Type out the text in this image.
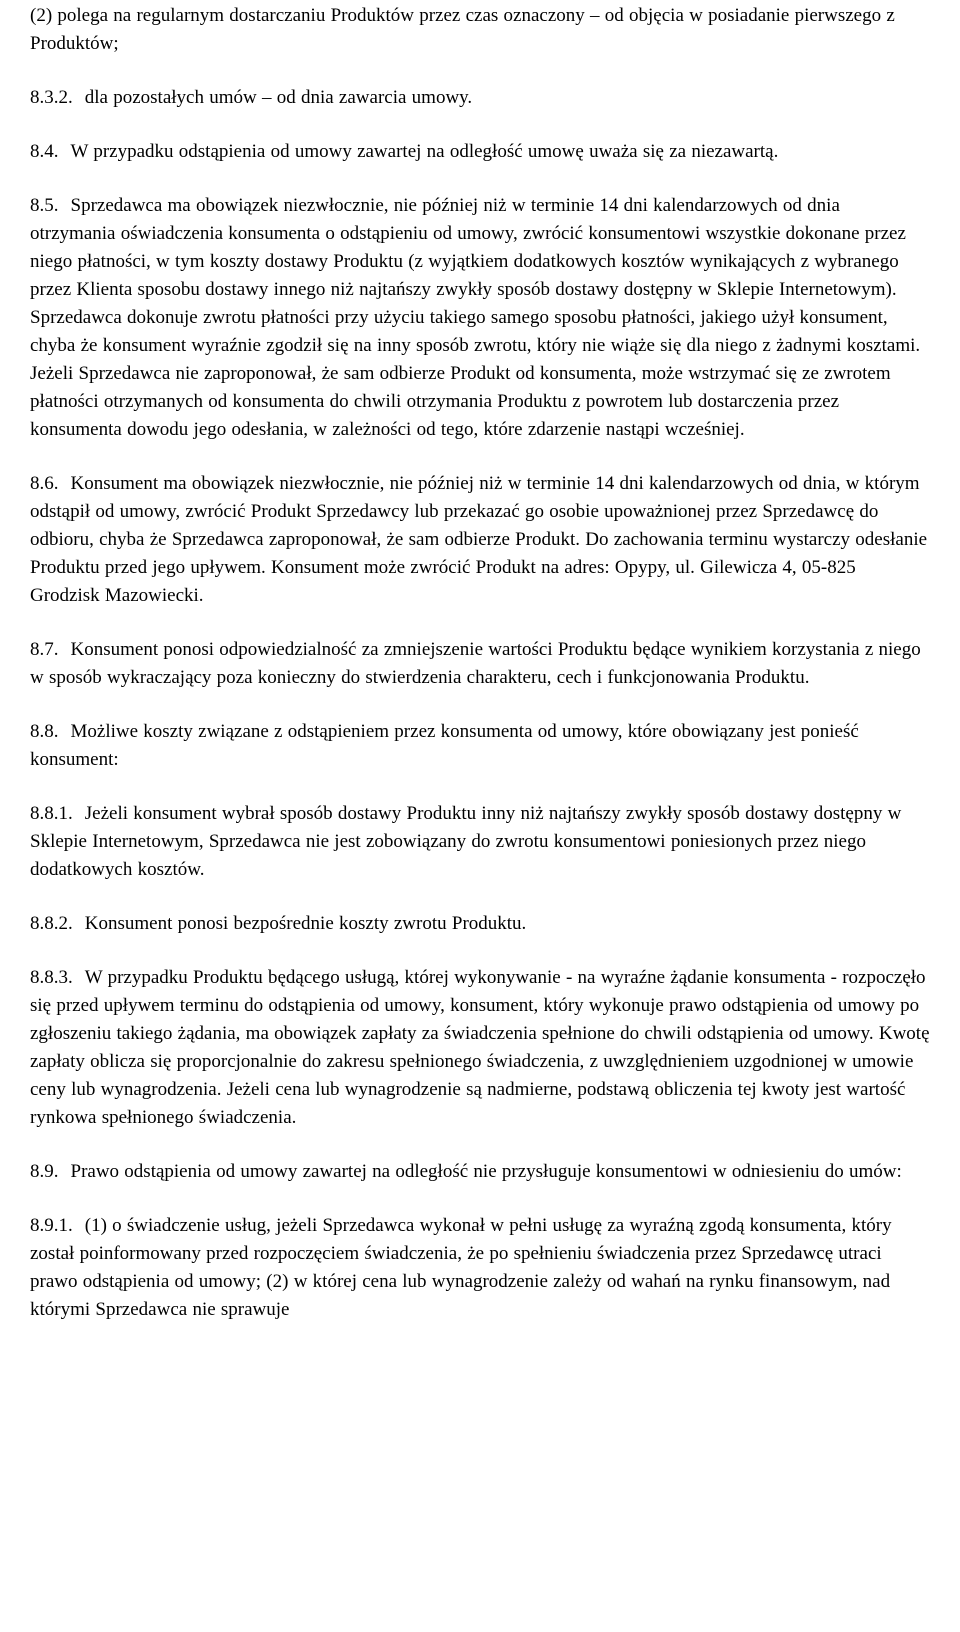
(2) polega na regularnym dostarczaniu Produktów przez czas oznaczony – od objęcia w posiadanie pierwszego z Produktów;

8.3.2. dla pozostałych umów – od dnia zawarcia umowy.

8.4. W przypadku odstąpienia od umowy zawartej na odległość umowę uważa się za niezawartą.

8.5. Sprzedawca ma obowiązek niezwłocznie, nie później niż w terminie 14 dni kalendarzowych od dnia otrzymania oświadczenia konsumenta o odstąpieniu od umowy, zwrócić konsumentowi wszystkie dokonane przez niego płatności, w tym koszty dostawy Produktu (z wyjątkiem dodatkowych kosztów wynikających z wybranego przez Klienta sposobu dostawy innego niż najtańszy zwykły sposób dostawy dostępny w Sklepie Internetowym). Sprzedawca dokonuje zwrotu płatności przy użyciu takiego samego sposobu płatności, jakiego użył konsument, chyba że konsument wyraźnie zgodził się na inny sposób zwrotu, który nie wiąże się dla niego z żadnymi kosztami. Jeżeli Sprzedawca nie zaproponował, że sam odbierze Produkt od konsumenta, może wstrzymać się ze zwrotem płatności otrzymanych od konsumenta do chwili otrzymania Produktu z powrotem lub dostarczenia przez konsumenta dowodu jego odesłania, w zależności od tego, które zdarzenie nastąpi wcześniej.

8.6. Konsument ma obowiązek niezwłocznie, nie później niż w terminie 14 dni kalendarzowych od dnia, w którym odstąpił od umowy, zwrócić Produkt Sprzedawcy lub przekazać go osobie upoważnionej przez Sprzedawcę do odbioru, chyba że Sprzedawca zaproponował, że sam odbierze Produkt. Do zachowania terminu wystarczy odesłanie Produktu przed jego upływem. Konsument może zwrócić Produkt na adres: Opypy, ul. Gilewicza 4, 05-825 Grodzisk Mazowiecki.

8.7. Konsument ponosi odpowiedzialność za zmniejszenie wartości Produktu będące wynikiem korzystania z niego w sposób wykraczający poza konieczny do stwierdzenia charakteru, cech i funkcjonowania Produktu.

8.8. Możliwe koszty związane z odstąpieniem przez konsumenta od umowy, które obowiązany jest ponieść konsument:

8.8.1. Jeżeli konsument wybrał sposób dostawy Produktu inny niż najtańszy zwykły sposób dostawy dostępny w Sklepie Internetowym, Sprzedawca nie jest zobowiązany do zwrotu konsumentowi poniesionych przez niego dodatkowych kosztów.

8.8.2. Konsument ponosi bezpośrednie koszty zwrotu Produktu.

8.8.3. W przypadku Produktu będącego usługą, której wykonywanie - na wyraźne żądanie konsumenta - rozpoczęło się przed upływem terminu do odstąpienia od umowy, konsument, który wykonuje prawo odstąpienia od umowy po zgłoszeniu takiego żądania, ma obowiązek zapłaty za świadczenia spełnione do chwili odstąpienia od umowy. Kwotę zapłaty oblicza się proporcjonalnie do zakresu spełnionego świadczenia, z uwzględnieniem uzgodnionej w umowie ceny lub wynagrodzenia. Jeżeli cena lub wynagrodzenie są nadmierne, podstawą obliczenia tej kwoty jest wartość rynkowa spełnionego świadczenia.

8.9. Prawo odstąpienia od umowy zawartej na odległość nie przysługuje konsumentowi w odniesieniu do umów:

8.9.1. (1) o świadczenie usług, jeżeli Sprzedawca wykonał w pełni usługę za wyraźną zgodą konsumenta, który został poinformowany przed rozpoczęciem świadczenia, że po spełnieniu świadczenia przez Sprzedawcę utraci prawo odstąpienia od umowy; (2) w której cena lub wynagrodzenie zależy od wahań na rynku finansowym, nad którymi Sprzedawca nie sprawuje
